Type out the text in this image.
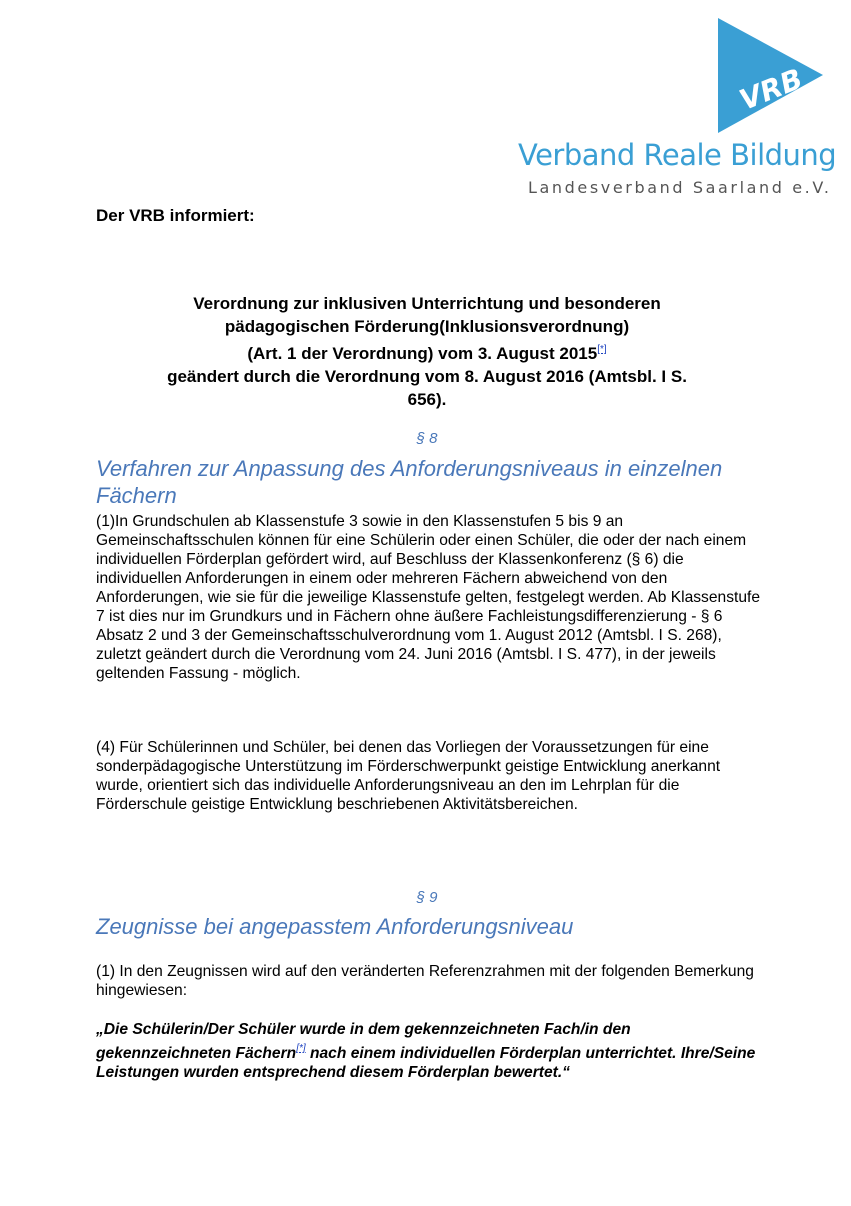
VRB
Verband Reale Bildung
Landesverband Saarland e.V.
Der VRB informiert:
Verordnung zur inklusiven Unterrichtung und besonderen
pädagogischen Förderung(Inklusionsverordnung)
(Art. 1 der Verordnung) vom 3. August 2015[*]
geändert durch die Verordnung vom 8. August 2016 (Amtsbl. I S.
656).
§ 8
Verfahren zur Anpassung des Anforderungsniveaus in einzelnen Fächern

(1)In Grundschulen ab Klassenstufe 3 sowie in den Klassenstufen 5 bis 9 an Gemeinschaftsschulen können für eine Schülerin oder einen Schüler, die oder der nach einem individuellen Förderplan gefördert wird, auf Beschluss der Klassenkonferenz (§ 6) die individuellen Anforderungen in einem oder mehreren Fächern abweichend von den Anforderungen, wie sie für die jeweilige Klassenstufe gelten, festgelegt werden. Ab Klassenstufe 7 ist dies nur im Grundkurs und in Fächern ohne äußere Fachleistungsdifferenzierung - § 6 Absatz 2 und 3 der Gemeinschaftsschulverordnung vom 1. August 2012 (Amtsbl. I S. 268), zuletzt geändert durch die Verordnung vom 24. Juni 2016 (Amtsbl. I S. 477), in der jeweils geltenden Fassung - möglich.

(4) Für Schülerinnen und Schüler, bei denen das Vorliegen der Voraussetzungen für eine sonderpädagogische Unterstützung im Förderschwerpunkt geistige Entwicklung anerkannt wurde, orientiert sich das individuelle Anforderungsniveau an den im Lehrplan für die Förderschule geistige Entwicklung beschriebenen Aktivitätsbereichen.

§ 9
Zeugnisse bei angepasstem Anforderungsniveau

(1) In den Zeugnissen wird auf den veränderten Referenzrahmen mit der folgenden Bemerkung hingewiesen:

„Die Schülerin/Der Schüler wurde in dem gekennzeichneten Fach/in den gekennzeichneten Fächern[*] nach einem individuellen Förderplan unterrichtet. Ihre/Seine Leistungen wurden entsprechend diesem Förderplan bewertet.“
